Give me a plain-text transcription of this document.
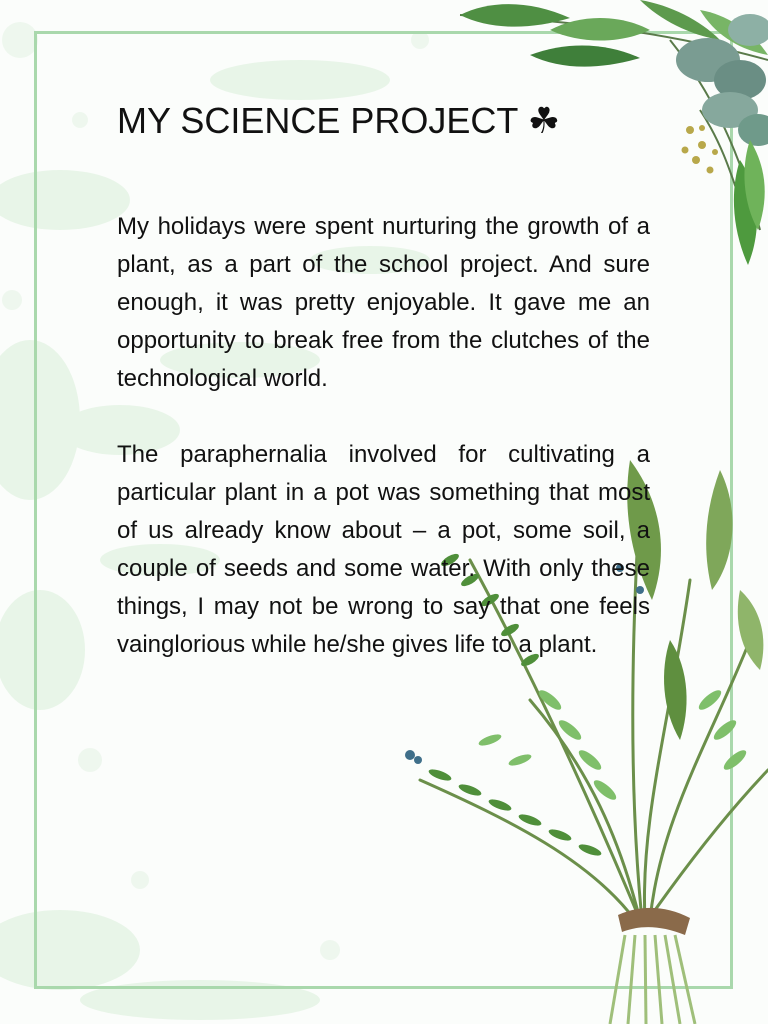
MY SCIENCE PROJECT ☘

My holidays were spent nurturing the growth of a plant, as a part of the school project. And sure enough, it was pretty enjoyable. It gave me an opportunity to break free from the clutches of the technological world.

The paraphernalia involved for cultivating a particular plant in a pot was something that most of us already know about – a pot, some soil, a couple of seeds and some water. With only these things, I may not be wrong to say that one feels vainglorious while he/she gives life to a plant.
